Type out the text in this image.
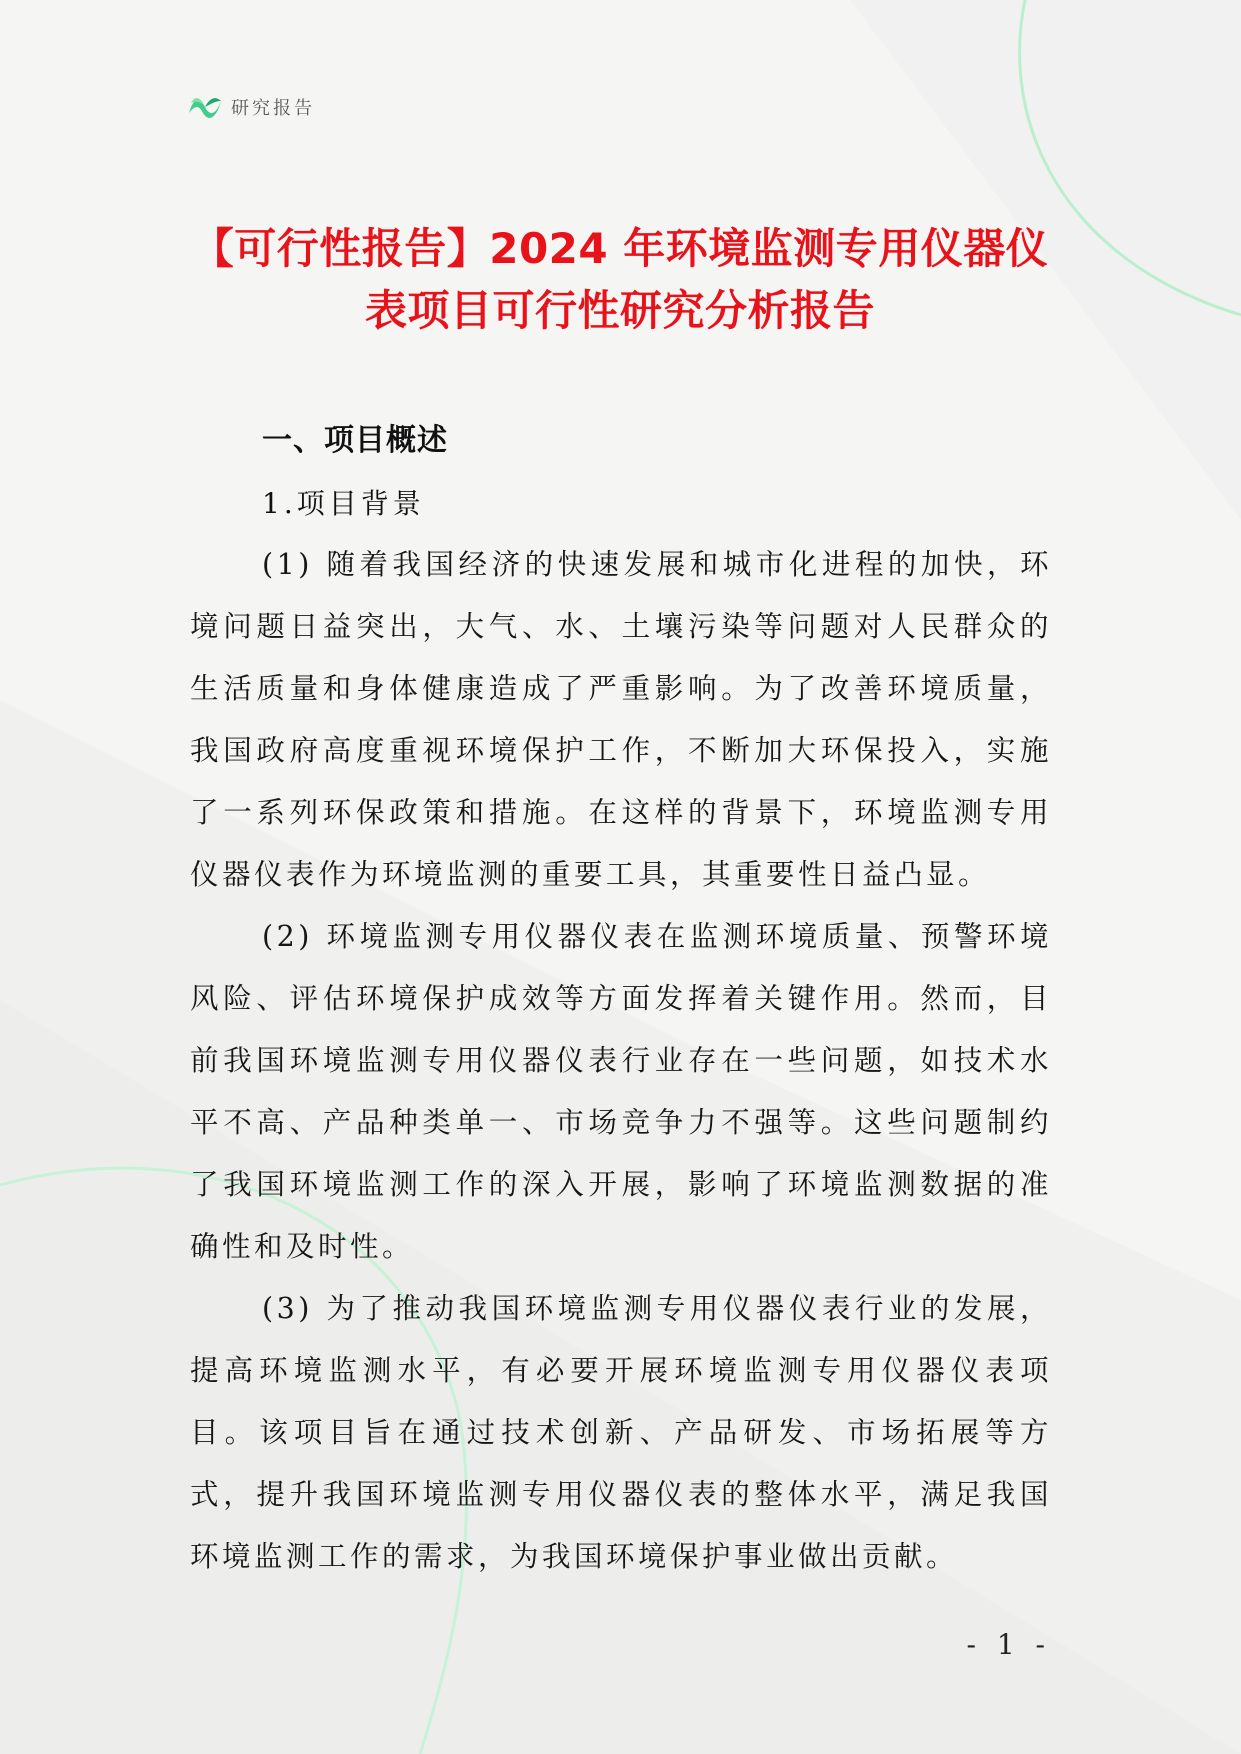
研究报告
【可行性报告】2024 年环境监测专用仪器仪
表项目可行性研究分析报告
一、项目概述
1.项目背景

(1) 随着我国经济的快速发展和城市化进程的加快，环境问题日益突出，大气、水、土壤污染等问题对人民群众的生活质量和身体健康造成了严重影响。为了改善环境质量，我国政府高度重视环境保护工作，不断加大环保投入，实施了一系列环保政策和措施。在这样的背景下，环境监测专用仪器仪表作为环境监测的重要工具，其重要性日益凸显。

(2) 环境监测专用仪器仪表在监测环境质量、预警环境风险、评估环境保护成效等方面发挥着关键作用。然而，目前我国环境监测专用仪器仪表行业存在一些问题，如技术水平不高、产品种类单一、市场竞争力不强等。这些问题制约了我国环境监测工作的深入开展，影响了环境监测数据的准确性和及时性。

(3) 为了推动我国环境监测专用仪器仪表行业的发展，提高环境监测水平，有必要开展环境监测专用仪器仪表项目。该项目旨在通过技术创新、产品研发、市场拓展等方式，提升我国环境监测专用仪器仪表的整体水平，满足我国环境监测工作的需求，为我国环境保护事业做出贡献。

- 1 -
